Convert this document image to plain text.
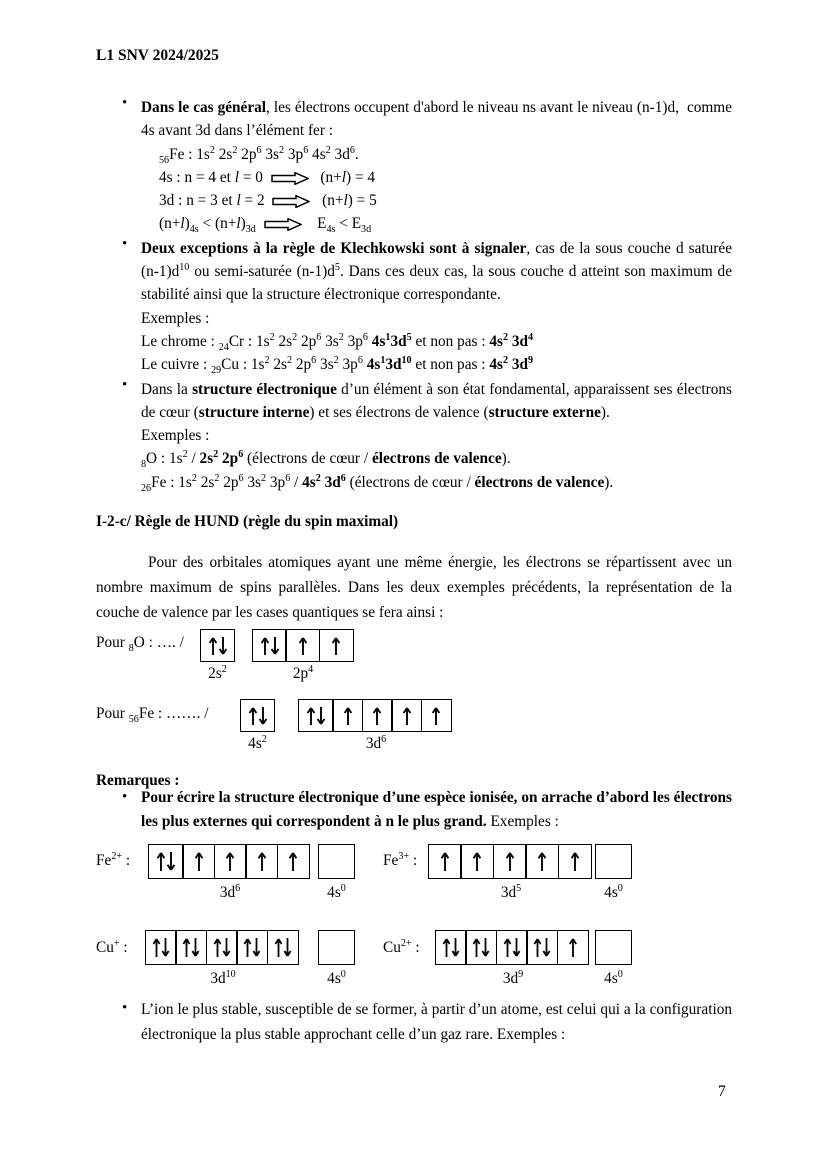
L1 SNV 2024/2025

• Dans le cas général, les électrons occupent d'abord le niveau ns avant le niveau (n-1)d,  comme 4s avant 3d dans l’élément fer :

$_{56}$Fe : $1s^2$ $2s^2$ $2p^6$ $3s^2$ $3p^6$ $4s^2$ $3d^6$.
4s : n = 4 et l = 0	(n+l) = 4
3d : n = 3 et l = 2	(n+l) = 5
$(n+l)_{4s} < (n+l)_{3d}$	$E_{4s} < E_{3d}$

• Deux exceptions à la règle de Klechkowski sont à signaler, cas de la sous couche d saturée $(n-1)d^{10}$ ou semi-saturée $(n-1)d^5$. Dans ces deux cas, la sous couche d atteint son maximum de stabilité ainsi que la structure électronique correspondante.

Exemples :

Le chrome : $_{24}$Cr : $1s^2$ $2s^2$ $2p^6$ $3s^2$ $3p^6$ $4s^13d^5$ et non pas : $4s^2$ $3d^4$
Le cuivre : $_{29}$Cu : $1s^2$ $2s^2$ $2p^6$ $3s^2$ $3p^6$ $4s^13d^{10}$ et non pas : $4s^2$ $3d^9$

• Dans la structure électronique d’un élément à son état fondamental, apparaissent ses électrons de cœur (structure interne) et ses électrons de valence (structure externe).

Exemples :

$_8$O : $1s^2 / 2s^2$ $2p^6$ (électrons de cœur / électrons de valence).
$_{26}$Fe : $1s^2$ $2s^2$ $2p^6$ $3s^2$ $3p^6 / 4s^2$ $3d^6$ (électrons de cœur / électrons de valence).
I-2-c/ Règle de HUND (règle du spin maximal)
Pour des orbitales atomiques ayant une même énergie, les électrons se répartissent avec un nombre maximum de spins parallèles. Dans les deux exemples précédents, la représentation de la couche de valence par les cases quantiques se fera ainsi :
Pour $_8$O : …. /
$2s^2$	$2p^4$
Pour $_{56}$Fe : ……. /
$4s^2$	$3d^6$
Remarques :

• Pour écrire la structure électronique d’une espèce ionisée, on arrache d’abord les électrons les plus externes qui correspondent à n le plus grand. Exemples :

$Fe^{2+}$ :
$3d^6$	$4s^0$
$Fe^{3+}$ :
$3d^5$	$4s^0$
Cu+ :
$3d^{10}$	$4s^0$
$Cu^{2+}$ :
$3d^9$	$4s^0$

• L’ion le plus stable, susceptible de se former, à partir d’un atome, est celui qui a la configuration électronique la plus stable approchant celle d’un gaz rare. Exemples :

7
